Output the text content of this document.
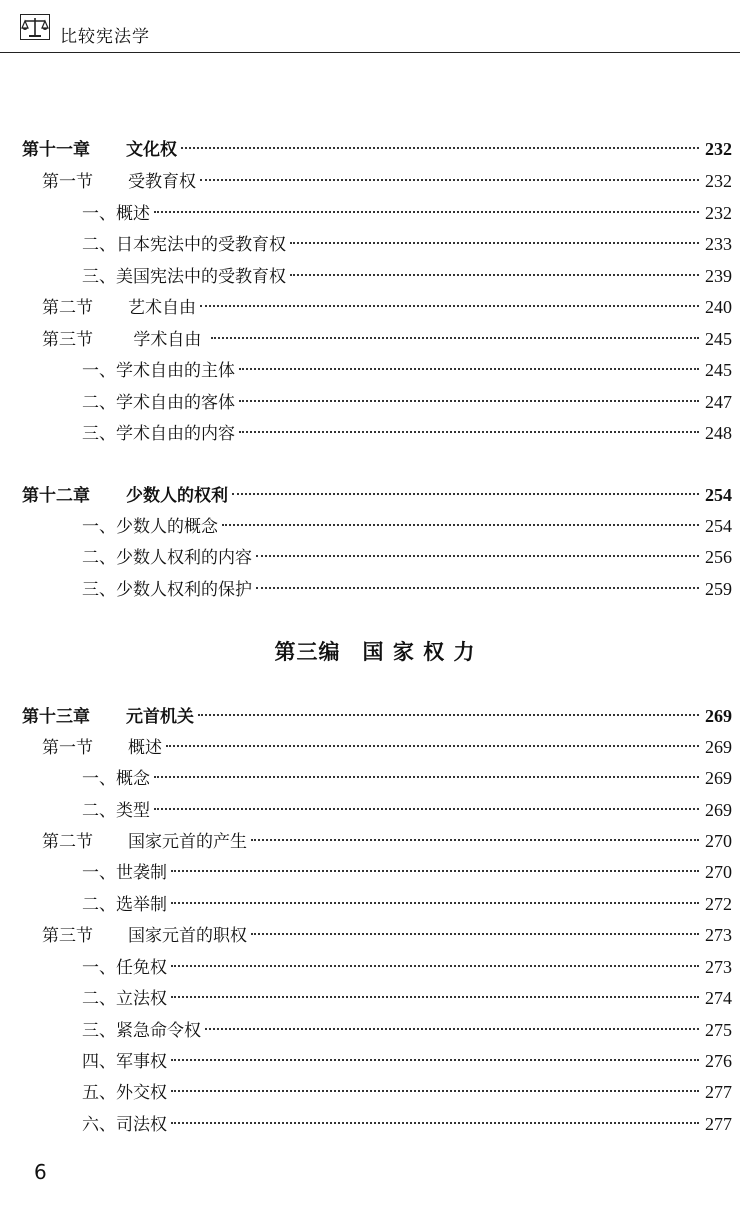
比较宪法学
第十一章	文化权	232
第一节	受教育权	232
一、 概述	232
二、 日本宪法中的受教育权	233
三、 美国宪法中的受教育权	239
第二节	艺术自由	240
第三节	学术自由	245
一、 学术自由的主体	245
二、 学术自由的客体	247
三、 学术自由的内容	248
第十二章	少数人的权利	254
一、 少数人的概念	254
二、 少数人权利的内容	256
三、 少数人权利的保护	259
第三编　国 家 权 力
第十三章	元首机关	269
第一节	概述	269
一、 概念	269
二、 类型	269
第二节	国家元首的产生	270
一、 世袭制	270
二、 选举制	272
第三节	国家元首的职权	273
一、 任免权	273
二、 立法权	274
三、 紧急命令权	275
四、 军事权	276
五、 外交权	277
六、 司法权	277
6
